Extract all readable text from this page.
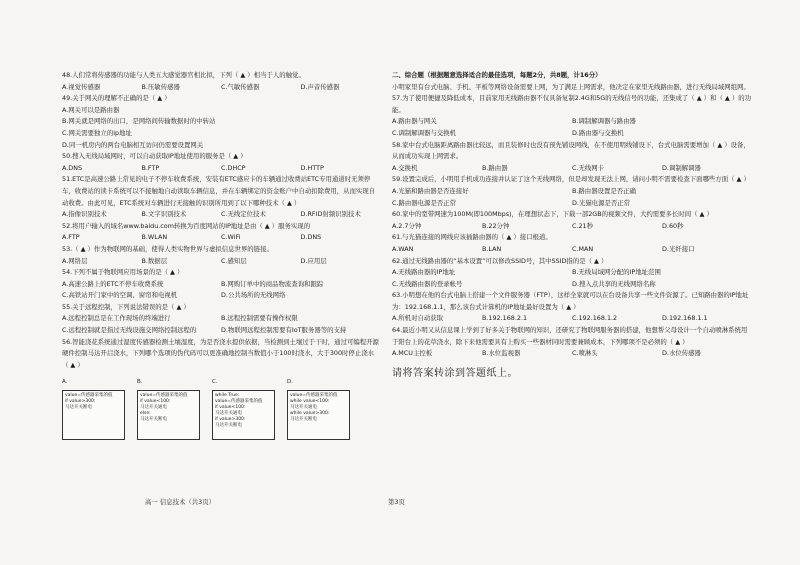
48.人们常将传感器的功能与人类五大感觉器官相比拟，下列（ ▲ ）相当于人的触觉。
A.视觉传感器	B.压敏传感器	C.气敏传感器	D.声音传感器
49.关于网关的理解不正确的是（ ▲ ）
A.网关可以是路由器
B.网关就是网络的出口，是网络间传输数据时的中转站
C.网关需要独立的ip地址
D.同一机房内的两台电脑相互访问仍需要设置网关
50.搜入无线局域网时，可以自动获取IP地址使用的服务是（ ▲ ）
A.DNS	B.FTP	C.DHCP	D.HTTP
51.ETC是高速公路上常见的电子不停车收费系统，安装有ETC感应卡的车辆通过收费站ETC专用通道时无须停车，收费站的读卡系统可以不接触地自动读取车辆信息，并在车辆绑定的资金账户中自动扣除费用，从而实现自动收费。由此可见，ETC系统对车辆进行无接触的识别所用到了以下哪种技术（ ▲ ）
A.指像识别技术	B.文字识别技术	C.无线定位技术	D.RFID射频识别技术
52.将用户输入的域名www.baidu.com转换为百度网站的IP地址是由（ ▲ ）服务实现的
A.FTP	B.WLAN	C.WiFi	D.DNS
53.（ ▲ ）作为物联网的基础，使得人类实物世界与虚拟信息世界的链接。
A.网络层	B.数据层	C.感知层	D.应用层
54.下列不属于物联网应用场景的是（ ▲ ）
A.高速公路上的ETC不停车收费系统	B.网购订单中的商品物流查询和跟踪
C.高铁站开门家中的空调、窗帘和电视机	D.公共场所的无线网络
55.关于远程控制，下列说法错误的是（ ▲ ）
A.远程控制总是在工作现场的终端进行	B.远程控制需要有操作权限
C.远程控制就是指过无线设施交网络控制远程的	D.物联网远程控制需要有IoT服务器等的支持
56.智能浇花系统通过湿度传感器检测土壤湿度，为是否浇水提供依据，当检测到土壤过于干时，通过可编程开源硬件控制马达开启浇水，下列哪个选项的伪代码可以更准确地控制当数值小于100时浇水，大于300时停止浇水（ ▲ ）
A.
value=传感器采集的值
if value>300:
马达开关断电
B.
value=传感器采集的值
if value<100:
马达开关通电
else:
马达开关断电
C.
while True:
value=传感器采集的值
if value<100:
马达开关通电
if value>300:
马达开关断电
D.
value=传感器采集的值
while value<100:
马达开关通电
while value>300:
马达开关断电
二、综合题（根据题意选择适合的最佳选项，每题2分，共8题，计16分）
小明家里有台式电脑、手机、平板等网络设备需要上网，为了满足上网需求，他决定在家里无线路由器，进行无线局域网组网。
57.为了使用便捷及降低成本，目前家用无线路由器不仅具备复制2.4G和5G的无线信号的功能，还集成了（ ▲ ）和（ ▲ ）的功能。
A.路由器与网关	B.调制解调器与路由器
C.调制解调器与交换机	D.路由器与交换机
58.家中台式电脑距离路由器比较远，而且装修时也没有预先铺设网线，在不使用明线铺设下，台式电脑需要增加（ ▲ ）设备，从而成功实现上网需求。
A.交换机	B.路由器	C.无线网卡	D.调制解调器
59.设置完成后，小明用手机成功连接并认证了这个无线网络，但是却发现无法上网，请问小明不需要检查下面哪些方面（ ▲ ）
A.光猫和路由器是否连接好	B.路由器设置是否正确
C.路由器电源是否正常	D.光猫电源是否正常
60.家中的宽带网速为100M(即100Mbps)，在理想状态下，下载一部2GB的视频文件，大约需要多长时间（ ▲ ）
A.2.7分钟	B.22分钟	C.21秒	D.60秒
61.与光猫连接的网线应该插路由器的（ ▲ ）接口根道。
A.WAN	B.LAN	C.MAN	D.光纤接口
62.通过无线路由器的“基本设置”可以修改SSID号，其中SSID指的是（ ▲ ）
A.无线路由器的IP地址	B.无线局域网分配的IP地址范围
C.无线路由器的登录帐号	D.搜入点共享的无线网络名称
63.小明想在他的台式电脑上搭建一个文件服务器（FTP），这样全家就可以在台设备共享一些文件资源了。已知路由器的IP地址为：192.168.1.1，那么该台式计算机的IP地址最好设置为（ ▲ ）
A.所机对自动获取	B.192.168.2.1	C.192.168.1.2	D.192.168.1.1
64.最近小明又从信息课上学到了好多关于物联网的知识，还研究了物联网服务器的搭建，他想帮父母设计一个自动喷淋系统用于阳台上的花草浇水，除下来他需要具有上购买一些器材同时需要兼顾成本，下列哪项不是必须的（ ▲ ）
A.MCU主控板	B.水位监视器	C.喷淋头	D.水位传感器
请将答案转涂到答题纸上。
高一 信息技术（共3页）	第3页
